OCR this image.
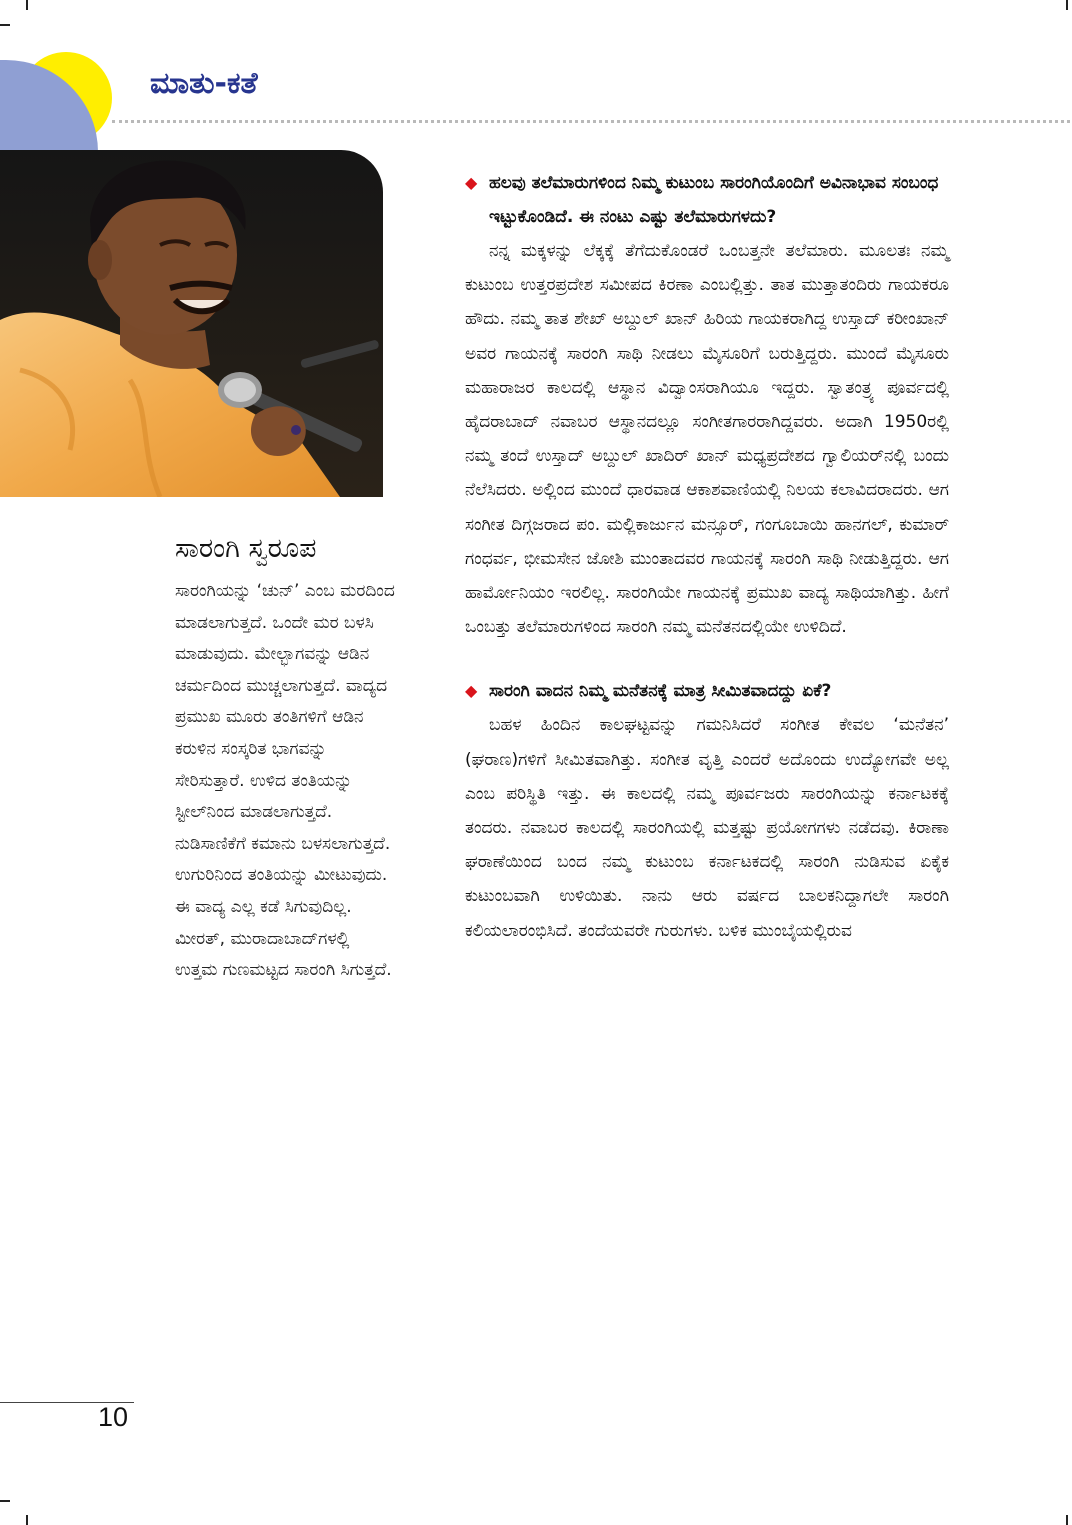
ಮಾತು-ಕತೆ
ಸಾರಂಗಿ ಸ್ವರೂಪ

ಸಾರಂಗಿಯನ್ನು ‘ಚುನ್’ ಎಂಬ ಮರದಿಂದ ಮಾಡಲಾಗುತ್ತದೆ. ಒಂದೇ ಮರ ಬಳಸಿ ಮಾಡುವುದು. ಮೇಲ್ಭಾಗವನ್ನು ಆಡಿನ ಚರ್ಮದಿಂದ ಮುಚ್ಚಲಾಗುತ್ತದೆ. ವಾದ್ಯದ ಪ್ರಮುಖ ಮೂರು ತಂತಿಗಳಿಗೆ ಆಡಿನ ಕರುಳಿನ ಸಂಸ್ಕರಿತ ಭಾಗವನ್ನು ಸೇರಿಸುತ್ತಾರೆ. ಉಳಿದ ತಂತಿಯನ್ನು ಸ್ಟೀಲ್‌ನಿಂದ ಮಾಡಲಾಗುತ್ತದೆ. ನುಡಿಸಾಣಿಕೆಗೆ ಕಮಾನು ಬಳಸಲಾಗುತ್ತದೆ. ಉಗುರಿನಿಂದ ತಂತಿಯನ್ನು ಮೀಟುವುದು. ಈ ವಾದ್ಯ ಎಲ್ಲ ಕಡೆ ಸಿಗುವುದಿಲ್ಲ. ಮೀರತ್, ಮುರಾದಾಬಾದ್‌ಗಳಲ್ಲಿ ಉತ್ತಮ ಗುಣಮಟ್ಟದ ಸಾರಂಗಿ ಸಿಗುತ್ತದೆ.

◆ ಹಲವು ತಲೆಮಾರುಗಳಿಂದ ನಿಮ್ಮ ಕುಟುಂಬ ಸಾರಂಗಿಯೊಂದಿಗೆ ಅವಿನಾಭಾವ ಸಂಬಂಧ ಇಟ್ಟುಕೊಂಡಿದೆ. ಈ ನಂಟು ಎಷ್ಟು ತಲೆಮಾರುಗಳದು?

ನನ್ನ ಮಕ್ಕಳನ್ನು ಲೆಕ್ಕಕ್ಕೆ ತೆಗೆದುಕೊಂಡರೆ ಒಂಬತ್ತನೇ ತಲೆಮಾರು. ಮೂಲತಃ ನಮ್ಮ ಕುಟುಂಬ ಉತ್ತರಪ್ರದೇಶ ಸಮೀಪದ ಕಿರಣಾ ಎಂಬಲ್ಲಿತ್ತು. ತಾತ ಮುತ್ತಾತಂದಿರು ಗಾಯಕರೂ ಹೌದು. ನಮ್ಮ ತಾತ ಶೇಖ್ ಅಬ್ದುಲ್ ಖಾನ್ ಹಿರಿಯ ಗಾಯಕರಾಗಿದ್ದ ಉಸ್ತಾದ್ ಕರೀಂಖಾನ್ ಅವರ ಗಾಯನಕ್ಕೆ ಸಾರಂಗಿ ಸಾಥಿ ನೀಡಲು ಮೈಸೂರಿಗೆ ಬರುತ್ತಿದ್ದರು. ಮುಂದೆ ಮೈಸೂರು ಮಹಾರಾಜರ ಕಾಲದಲ್ಲಿ ಆಸ್ಥಾನ ವಿದ್ವಾಂಸರಾಗಿಯೂ ಇದ್ದರು. ಸ್ವಾತಂತ್ರ್ಯ ಪೂರ್ವದಲ್ಲಿ ಹೈದರಾಬಾದ್ ನವಾಬರ ಆಸ್ಥಾನದಲ್ಲೂ ಸಂಗೀತಗಾರರಾಗಿದ್ದವರು. ಅದಾಗಿ 1950ರಲ್ಲಿ ನಮ್ಮ ತಂದೆ ಉಸ್ತಾದ್ ಅಬ್ದುಲ್ ಖಾದಿರ್ ಖಾನ್ ಮಧ್ಯಪ್ರದೇಶದ ಗ್ವಾಲಿಯರ್‌ನಲ್ಲಿ ಬಂದು ನೆಲೆಸಿದರು. ಅಲ್ಲಿಂದ ಮುಂದೆ ಧಾರವಾಡ ಆಕಾಶವಾಣಿಯಲ್ಲಿ ನಿಲಯ ಕಲಾವಿದರಾದರು. ಆಗ ಸಂಗೀತ ದಿಗ್ಗಜರಾದ ಪಂ. ಮಲ್ಲಿಕಾರ್ಜುನ ಮನ್ಸೂರ್, ಗಂಗೂಬಾಯಿ ಹಾನಗಲ್, ಕುಮಾರ್ ಗಂಧರ್ವ, ಭೀಮಸೇನ ಜೋಶಿ ಮುಂತಾದವರ ಗಾಯನಕ್ಕೆ ಸಾರಂಗಿ ಸಾಥಿ ನೀಡುತ್ತಿದ್ದರು. ಆಗ ಹಾರ್ಮೋನಿಯಂ ಇರಲಿಲ್ಲ. ಸಾರಂಗಿಯೇ ಗಾಯನಕ್ಕೆ ಪ್ರಮುಖ ವಾದ್ಯ ಸಾಥಿಯಾಗಿತ್ತು. ಹೀಗೆ ಒಂಬತ್ತು ತಲೆಮಾರುಗಳಿಂದ ಸಾರಂಗಿ ನಮ್ಮ ಮನೆತನದಲ್ಲಿಯೇ ಉಳಿದಿದೆ.

◆ ಸಾರಂಗಿ ವಾದನ ನಿಮ್ಮ ಮನೆತನಕ್ಕೆ ಮಾತ್ರ ಸೀಮಿತವಾದದ್ದು ಏಕೆ?

ಬಹಳ ಹಿಂದಿನ ಕಾಲಘಟ್ಟವನ್ನು ಗಮನಿಸಿದರೆ ಸಂಗೀತ ಕೇವಲ ‘ಮನೆತನ’ (ಘರಾಣ)ಗಳಿಗೆ ಸೀಮಿತವಾಗಿತ್ತು. ಸಂಗೀತ ವೃತ್ತಿ ಎಂದರೆ ಅದೊಂದು ಉದ್ಯೋಗವೇ ಅಲ್ಲ ಎಂಬ ಪರಿಸ್ಥಿತಿ ಇತ್ತು. ಈ ಕಾಲದಲ್ಲಿ ನಮ್ಮ ಪೂರ್ವಜರು ಸಾರಂಗಿಯನ್ನು ಕರ್ನಾಟಕಕ್ಕೆ ತಂದರು. ನವಾಬರ ಕಾಲದಲ್ಲಿ ಸಾರಂಗಿಯಲ್ಲಿ ಮತ್ತಷ್ಟು ಪ್ರಯೋಗಗಳು ನಡೆದವು. ಕಿರಾಣಾ ಘರಾಣೆಯಿಂದ ಬಂದ ನಮ್ಮ ಕುಟುಂಬ ಕರ್ನಾಟಕದಲ್ಲಿ ಸಾರಂಗಿ ನುಡಿಸುವ ಏಕೈಕ ಕುಟುಂಬವಾಗಿ ಉಳಿಯಿತು. ನಾನು ಆರು ವರ್ಷದ ಬಾಲಕನಿದ್ದಾಗಲೇ ಸಾರಂಗಿ ಕಲಿಯಲಾರಂಭಿಸಿದೆ. ತಂದೆಯವರೇ ಗುರುಗಳು. ಬಳಿಕ ಮುಂಬೈಯಲ್ಲಿರುವ

10
